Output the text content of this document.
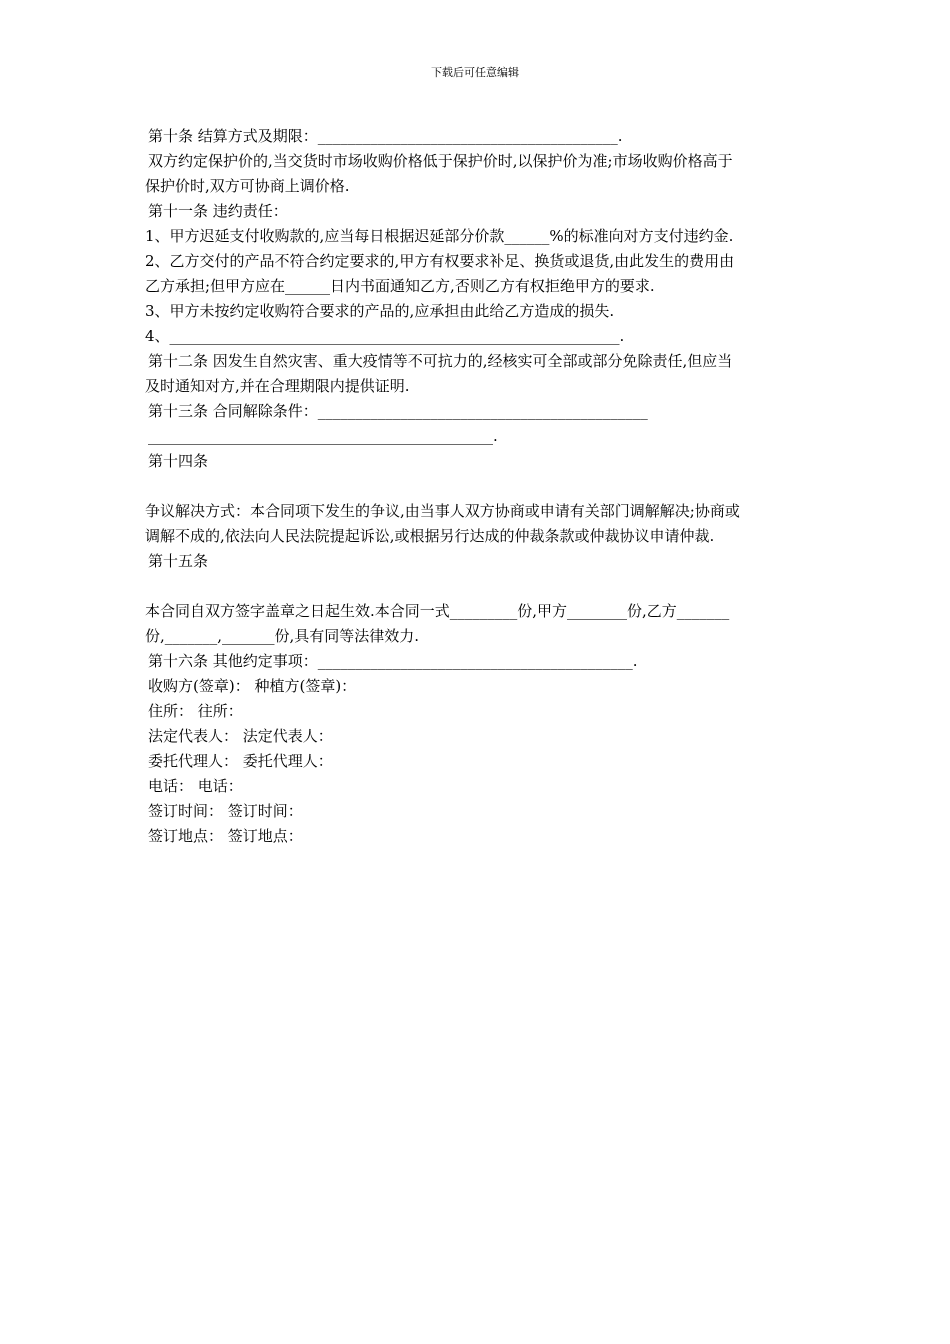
下载后可任意编辑
第十条 结算方式及期限：________________________________________.
双方约定保护价的,当交货时市场收购价格低于保护价时,以保护价为准;市场收购价格高于
保护价时,双方可协商上调价格.
第十一条 违约责任：
1、甲方迟延支付收购款的,应当每日根据迟延部分价款______%的标准向对方支付违约金.
2、乙方交付的产品不符合约定要求的,甲方有权要求补足、换货或退货,由此发生的费用由
乙方承担;但甲方应在______日内书面通知乙方,否则乙方有权拒绝甲方的要求.
3、甲方未按约定收购符合要求的产品的,应承担由此给乙方造成的损失.
4、____________________________________________________________.
第十二条 因发生自然灾害、重大疫情等不可抗力的,经核实可全部或部分免除责任,但应当
及时通知对方,并在合理期限内提供证明.
第十三条 合同解除条件：____________________________________________
______________________________________________.
第十四条
争议解决方式：本合同项下发生的争议,由当事人双方协商或申请有关部门调解解决;协商或
调解不成的,依法向人民法院提起诉讼,或根据另行达成的仲裁条款或仲裁协议申请仲裁.
第十五条
本合同自双方签字盖章之日起生效.本合同一式_________份,甲方________份,乙方_______
份,_______,_______份,具有同等法律效力.
第十六条 其他约定事项：__________________________________________.
收购方(签章)： 种植方(签章)：
住所： 往所：
法定代表人： 法定代表人：
委托代理人： 委托代理人：
电话： 电话：
签订时间： 签订时间：
签订地点： 签订地点：
